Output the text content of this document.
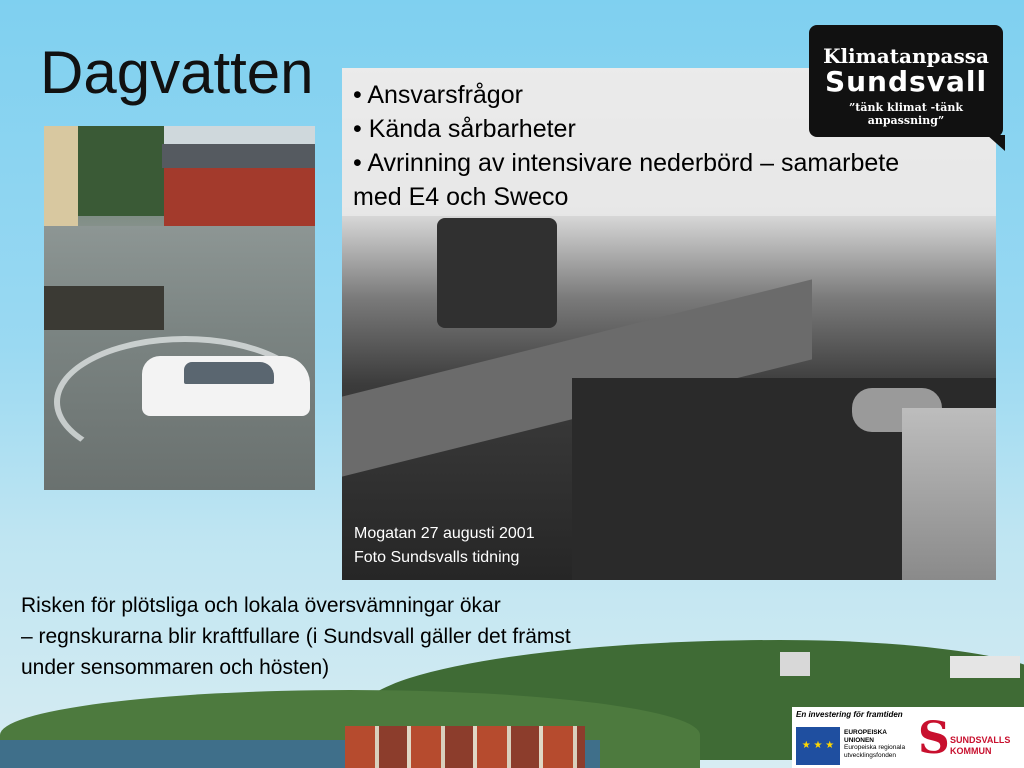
Dagvatten • Ansvarsfrågor
• Kända sårbarheter
• Avrinning av intensivare nederbörd – samarbete
med E4 och Sweco
Mogatan 27 augusti 2001
Foto Sundsvalls tidning
Klimatanpassa
Sundsvall
”tänk klimat -tänk anpassning”
Risken för plötsliga och lokala översvämningar ökar
– regnskurarna blir kraftfullare (i Sundsvall gäller det främst
under sensommaren och hösten)
En investering för framtiden
★ ★ ★
EUROPEISKA UNIONEN
Europeiska regionala utvecklingsfonden S SUNDSVALLS KOMMUN
